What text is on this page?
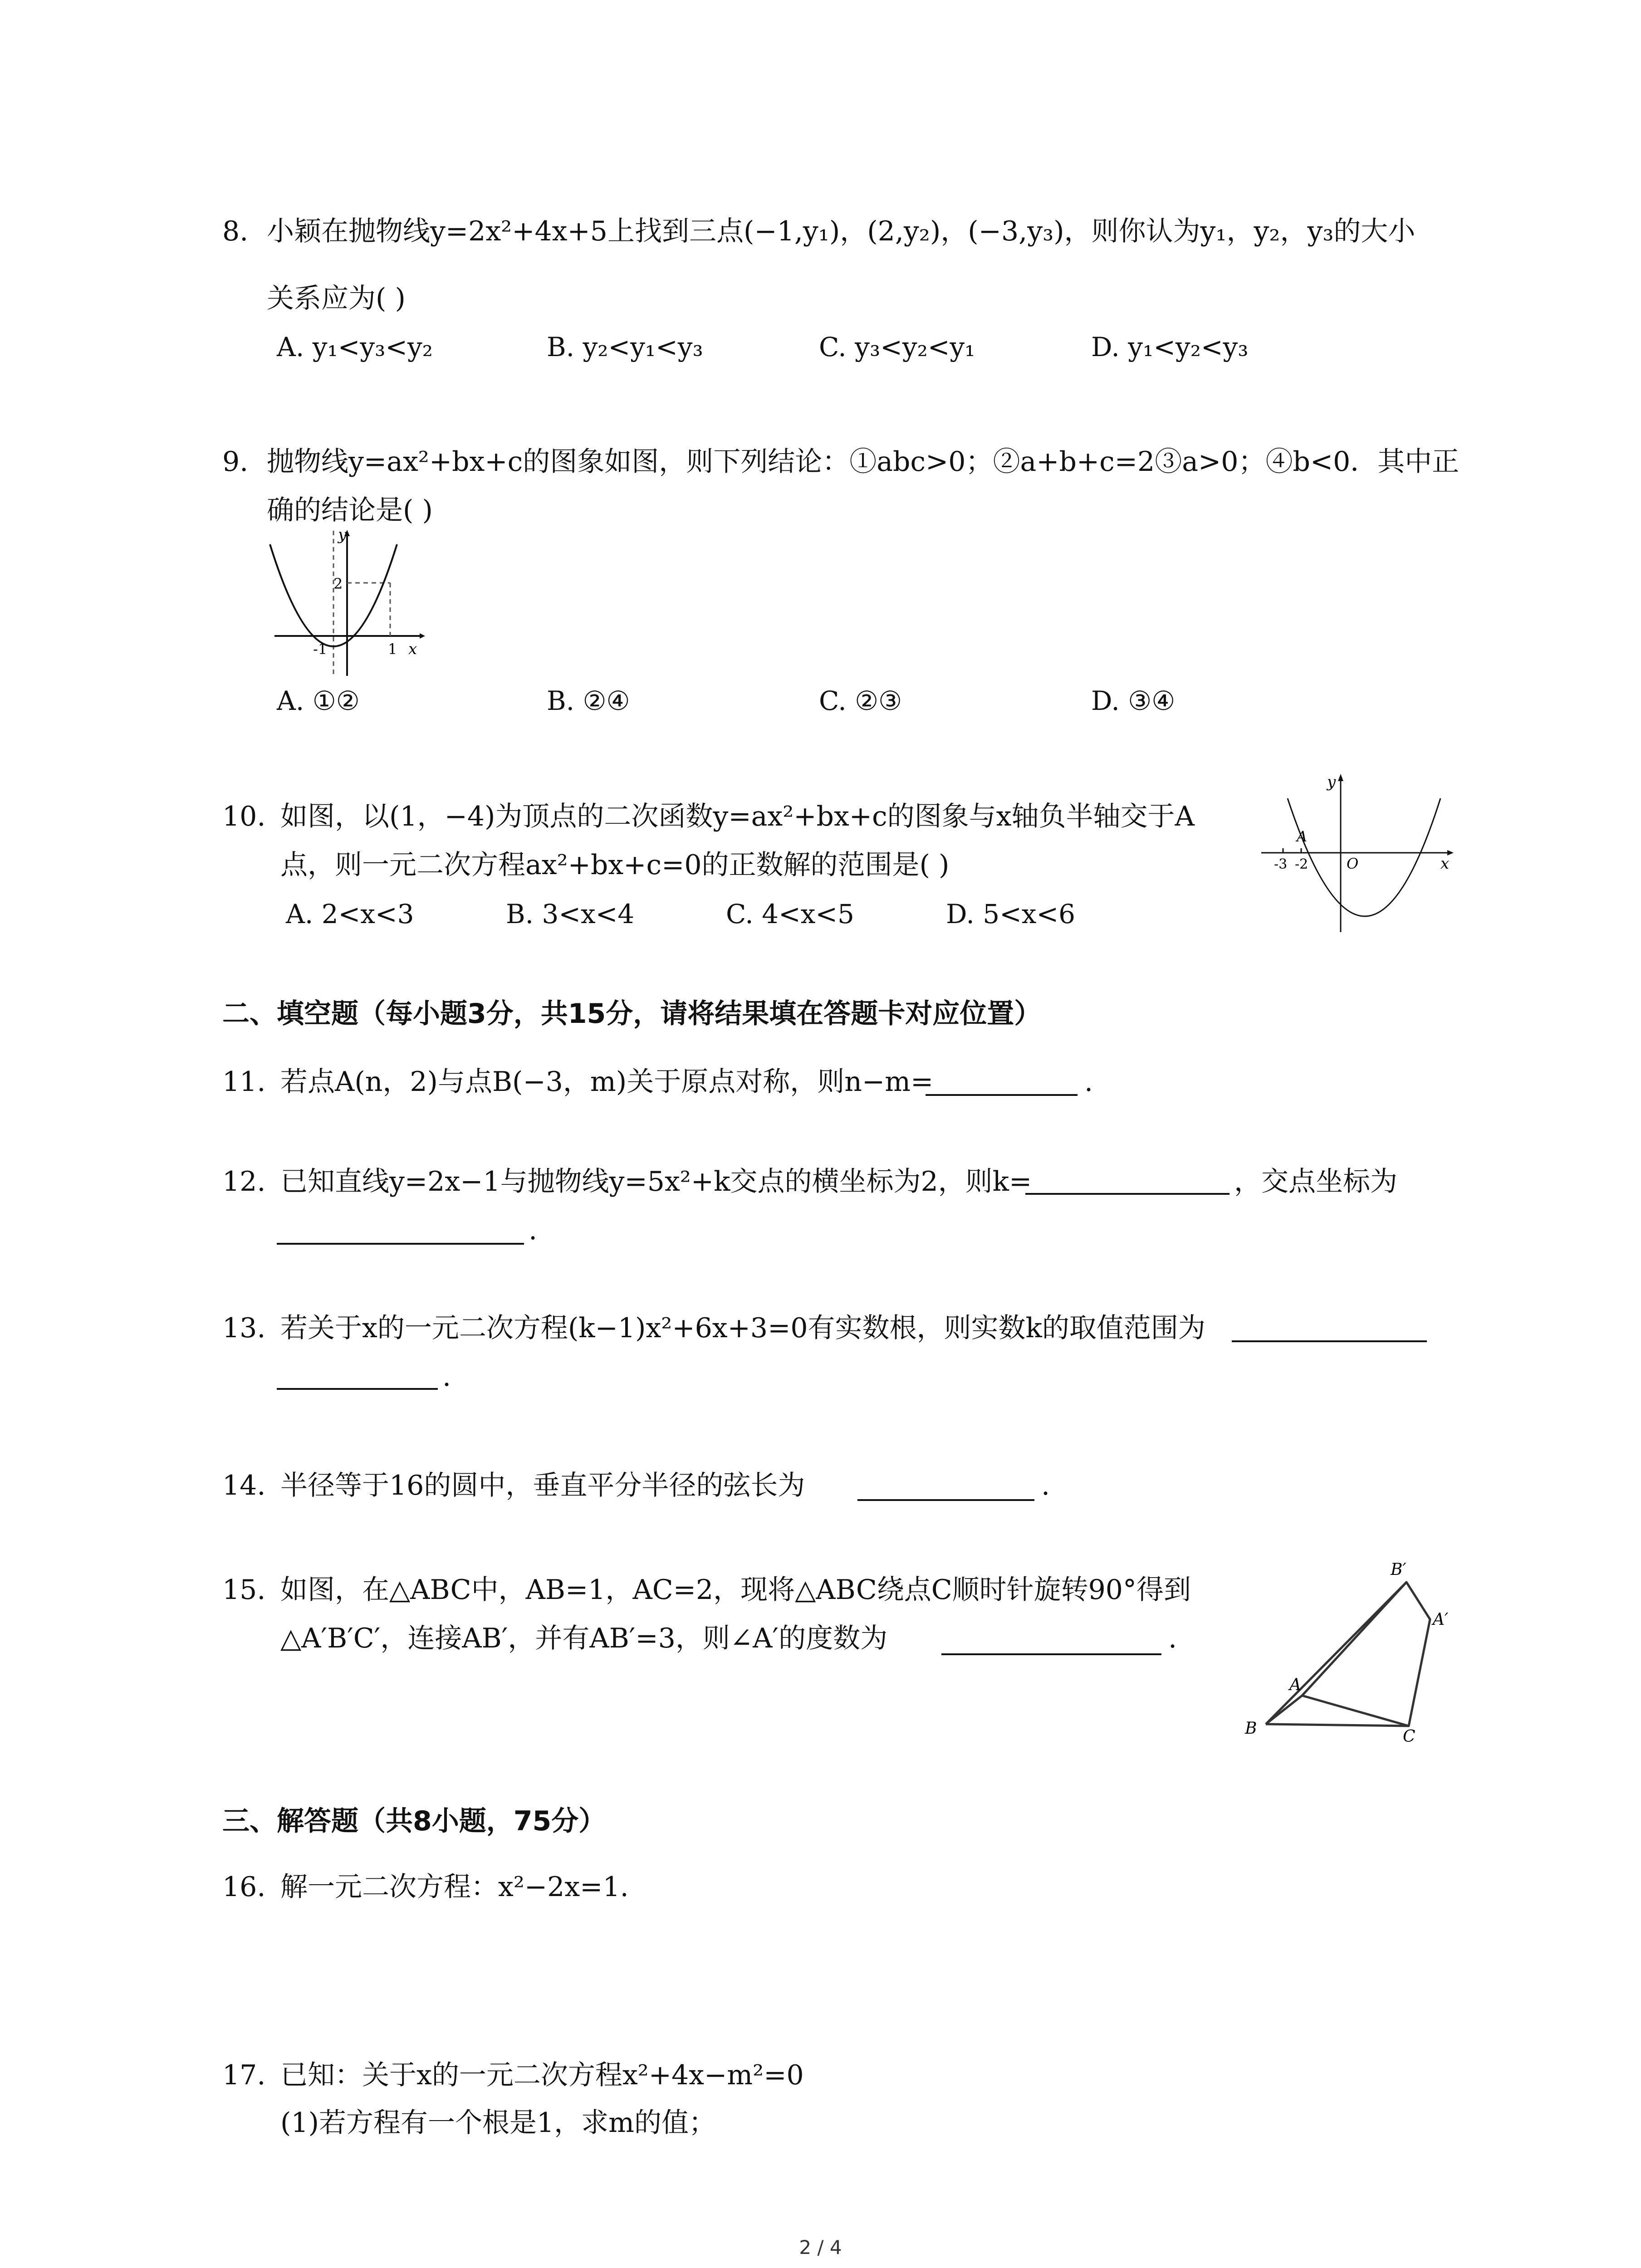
8. 小颖在抛物线y=2x²+4x+5上找到三点(−1,y₁)，(2,y₂)，(−3,y₃)，则你认为y₁，y₂，y₃的大小
关系应为( )
A. y₁<y₃<y₂	B. y₂<y₁<y₃	C. y₃<y₂<y₁	D. y₁<y₂<y₃
9. 抛物线y=ax²+bx+c的图象如图，则下列结论：①abc>0；②a+b+c=2③a>0；④b<0．其中正
确的结论是( )
y
x
2
-1	1
A. ①②	B. ②④	C. ②③	D. ③④
10. 如图，以(1，−4)为顶点的二次函数y=ax²+bx+c的图象与x轴负半轴交于A
点，则一元二次方程ax²+bx+c=0的正数解的范围是( )
A. 2<x<3	B. 3<x<4	C. 4<x<5	D. 5<x<6
y
x
O
A
-3 -2
二、填空题（每小题3分，共15分，请将结果填在答题卡对应位置）
11. 若点A(n，2)与点B(−3，m)关于原点对称，则n−m=	.
12. 已知直线y=2x−1与抛物线y=5x²+k交点的横坐标为2，则k=	，交点坐标为
.
13. 若关于x的一元二次方程(k−1)x²+6x+3=0有实数根，则实数k的取值范围为
.
14. 半径等于16的圆中，垂直平分半径的弦长为	.
15. 如图，在△ABC中，AB=1，AC=2，现将△ABC绕点C顺时针旋转90°得到
△A′B′C′，连接AB′，并有AB′=3，则∠A′的度数为	.
B′
A′
A
B	C
三、解答题（共8小题，75分）
16. 解一元二次方程：x²−2x=1.
17. 已知：关于x的一元二次方程x²+4x−m²=0
(1)若方程有一个根是1，求m的值；
2 / 4
